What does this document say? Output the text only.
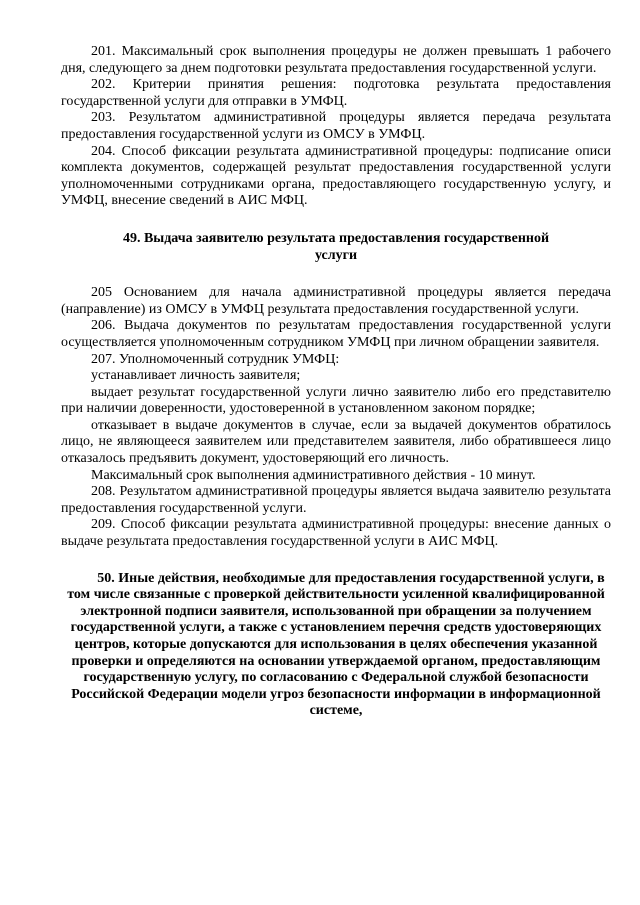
201. Максимальный срок выполнения процедуры не должен превышать 1 рабочего дня, следующего за днем подготовки результата предоставления государственной услуги.

202. Критерии принятия решения: подготовка результата предоставления государственной услуги для отправки в УМФЦ.

203. Результатом административной процедуры является передача результата предоставления государственной услуги из ОМСУ в УМФЦ.

204. Способ фиксации результата административной процедуры: подписание описи комплекта документов, содержащей результат предоставления государственной услуги уполномоченными сотрудниками органа, предоставляющего государственную услугу, и УМФЦ, внесение сведений в АИС МФЦ.

49. Выдача заявителю результата предоставления государственной услуги

205 Основанием для начала административной процедуры является передача (направление) из ОМСУ в УМФЦ результата предоставления государственной услуги.

206. Выдача документов по результатам предоставления государственной услуги осуществляется уполномоченным сотрудником УМФЦ при личном обращении заявителя.

207. Уполномоченный сотрудник УМФЦ:

устанавливает личность заявителя;

выдает результат государственной услуги лично заявителю либо его представителю при наличии доверенности, удостоверенной в установленном законом порядке;

отказывает в выдаче документов в случае, если за выдачей документов обратилось лицо, не являющееся заявителем или представителем заявителя, либо обратившееся лицо отказалось предъявить документ, удостоверяющий его личность.

Максимальный срок выполнения административного действия - 10 минут.

208. Результатом административной процедуры является выдача заявителю результата предоставления государственной услуги.

209. Способ фиксации результата административной процедуры: внесение данных о выдаче результата предоставления государственной услуги в АИС МФЦ.

50. Иные действия, необходимые для предоставления государственной услуги, в том числе связанные с проверкой действительности усиленной квалифицированной электронной подписи заявителя, использованной при обращении за получением государственной услуги, а также с установлением перечня средств удостоверяющих центров, которые допускаются для использования в целях обеспечения указанной проверки и определяются на основании утверждаемой органом, предоставляющим государственную услугу, по согласованию с Федеральной службой безопасности Российской Федерации модели угроз безопасности информации в информационной системе,
